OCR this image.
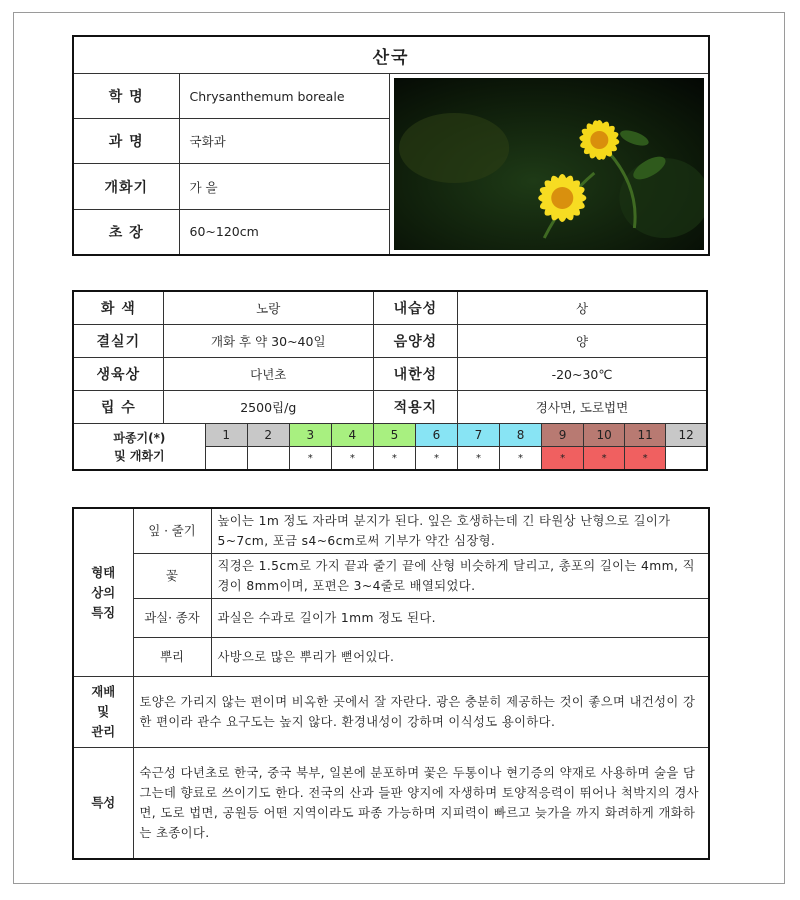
산국		
학 명	Chrysanthemum boreale	

과 명	국화과	
개화기	가 을	
초 장	60~120cm	
화 색	노랑					내습성		상					
결실기	개화 후 약 30~40일					음양성		양					
생육상	다년초					내한성		-20~30℃					
립 수	2500립/g					적용지		경사면, 도로법면					

파종기(*)
및 개화기		1	2	3	4	5	6	7	8	9	10	11	12
				*	*	*	*	*	*	*	*	*	
형태
상의
특징	잎 · 줄기	높이는 1m 정도 자라며 분지가 된다. 잎은 호생하는데 긴 타원상 난형으로 길이가 5~7cm, 포금 s4~6cm로써 기부가 약간 심장형.
	꽃	직경은 1.5cm로 가지 끝과 줄기 끝에 산형 비슷하게 달리고, 총포의 길이는 4mm, 직경이 8mm이며, 포편은 3~4줄로 배열되었다.
	과실· 종자	과실은 수과로 길이가 1mm 정도 된다.
	뿌리	사방으로 많은 뿌리가 뻗어있다.

재배
및
관리	토양은 가리지 않는 편이며 비옥한 곳에서 잘 자란다. 광은 충분히 제공하는 것이 좋으며 내건성이 강한 편이라 관수 요구도는 높지 않다. 환경내성이 강하며 이식성도 용이하다.	
특성	숙근성 다년초로 한국, 중국 북부, 일본에 분포하며 꽃은 두통이나 현기증의 약재로 사용하며 술을 담그는데 향료로 쓰이기도 한다. 전국의 산과 들판 양지에 자생하며 토양적응력이 뛰어나 척박지의 경사면, 도로 법면, 공원등 어떤 지역이라도 파종 가능하며 지피력이 빠르고 늦가을 까지 화려하게 개화하는 초종이다.	
